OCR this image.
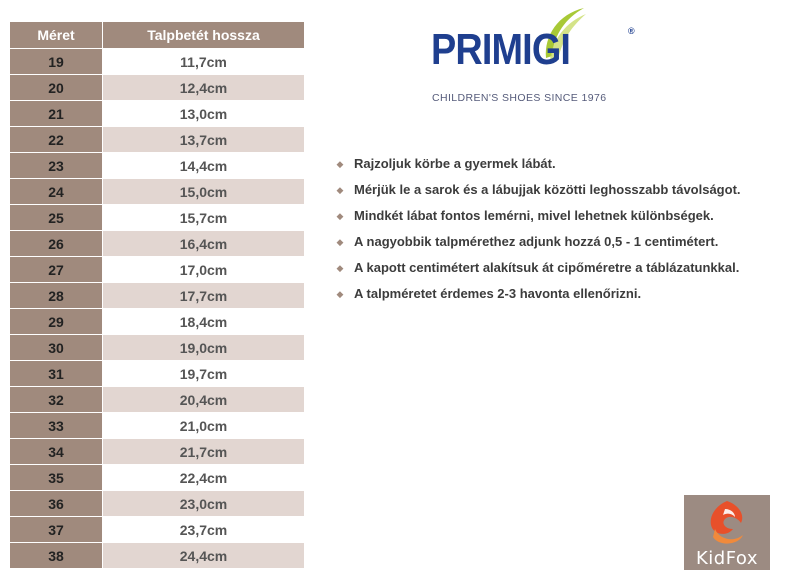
Méret	Talpbetét hossza
19	11,7cm
20	12,4cm
21	13,0cm
22	13,7cm
23	14,4cm
24	15,0cm
25	15,7cm
26	16,4cm
27	17,0cm
28	17,7cm
29	18,4cm
30	19,0cm
31	19,7cm
32	20,4cm
33	21,0cm
34	21,7cm
35	22,4cm
36	23,0cm
37	23,7cm
38	24,4cm
PRIMIGI	®
CHILDREN'S SHOES SINCE 1976
◆ Rajzoljuk körbe a gyermek lábát.
◆ Mérjük le a sarok és a lábujjak közötti leghosszabb távolságot.
◆ Mindkét lábat fontos lemérni, mivel lehetnek különbségek.
◆ A nagyobbik talpmérethez adjunk hozzá 0,5 - 1 centimétert.
◆ A kapott centimétert alakítsuk át cipőméretre a táblázatunkkal.
◆ A talpméretet érdemes 2-3 havonta ellenőrizni.
KidFox
